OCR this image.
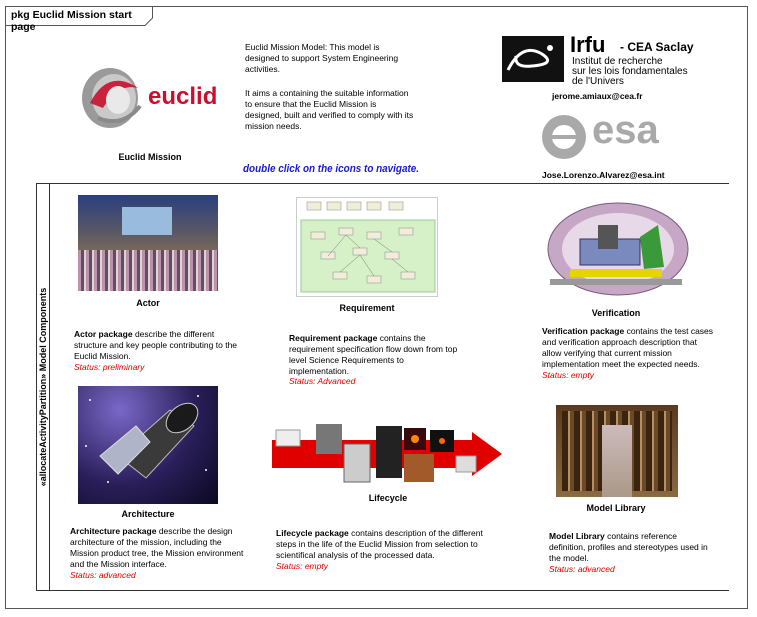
pkg Euclid Mission start page
euclid
Euclid Mission
Euclid Mission Model: This model is designed to support System Engineering activities.
It aims a containing the suitable information to ensure that the Euclid Mission is designed, built and verified to comply with its mission needs.
double click on the icons to navigate.
Irfu - CEA Saclay
Institut de recherche
sur les lois fondamentales
de l'Univers
jerome.amiaux@cea.fr
esa
Jose.Lorenzo.Alvarez@esa.int
«allocateActivityPartition» Model Components	Actor
Actor package describe the different structure and key people contributing to the Euclid Mission.
Status: preliminary
Requirement
Requirement package contains the requirement specification flow down from top level Science Requirements to implementation.
Status: Advanced
Verification
Verification package contains the test cases and verification approach description that allow verifying that current mission implementation meet the expected needs.
Status: empty
Architecture
Architecture package describe the design architecture of the mission, including the Mission product tree, the Mission environment and the Mission interface.
Status: advanced
Lifecycle
Lifecycle package contains description of the different steps in the life of the Euclid Mission from selection to scientifical analysis of the processed data.
Status: empty
Model Library
Model Library contains reference definition, profiles and stereotypes used in the model.
Status: advanced
